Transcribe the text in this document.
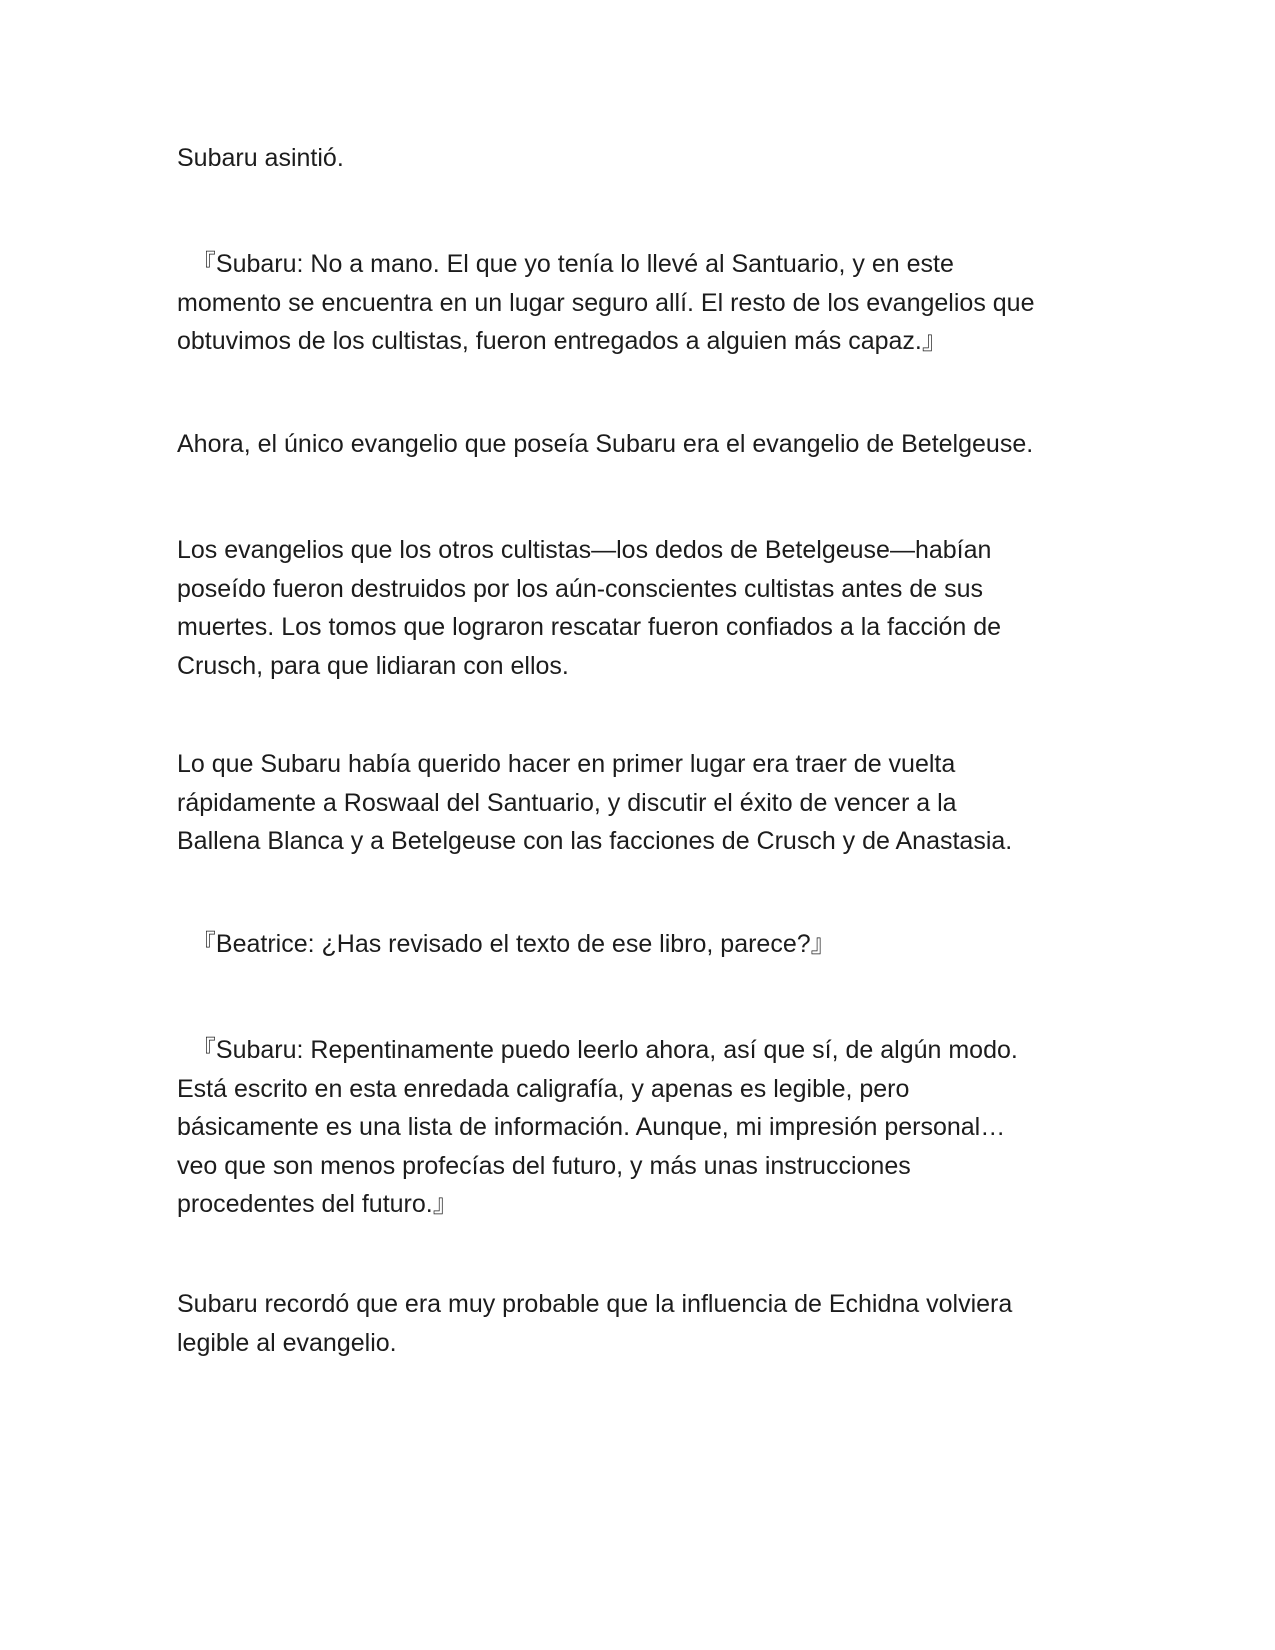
Subaru asintió.

『Subaru: No a mano. El que yo tenía lo llevé al Santuario, y en este
momento se encuentra en un lugar seguro allí. El resto de los evangelios que
obtuvimos de los cultistas, fueron entregados a alguien más capaz.』

Ahora, el único evangelio que poseía Subaru era el evangelio de Betelgeuse.

Los evangelios que los otros cultistas—los dedos de Betelgeuse—habían
poseído fueron destruidos por los aún-conscientes cultistas antes de sus
muertes. Los tomos que lograron rescatar fueron confiados a la facción de
Crusch, para que lidiaran con ellos.

Lo que Subaru había querido hacer en primer lugar era traer de vuelta
rápidamente a Roswaal del Santuario, y discutir el éxito de vencer a la
Ballena Blanca y a Betelgeuse con las facciones de Crusch y de Anastasia.

『Beatrice: ¿Has revisado el texto de ese libro, parece?』

『Subaru: Repentinamente puedo leerlo ahora, así que sí, de algún modo.
Está escrito en esta enredada caligrafía, y apenas es legible, pero
básicamente es una lista de información. Aunque, mi impresión personal…
veo que son menos profecías del futuro, y más unas instrucciones
procedentes del futuro.』

Subaru recordó que era muy probable que la influencia de Echidna volviera
legible al evangelio.
